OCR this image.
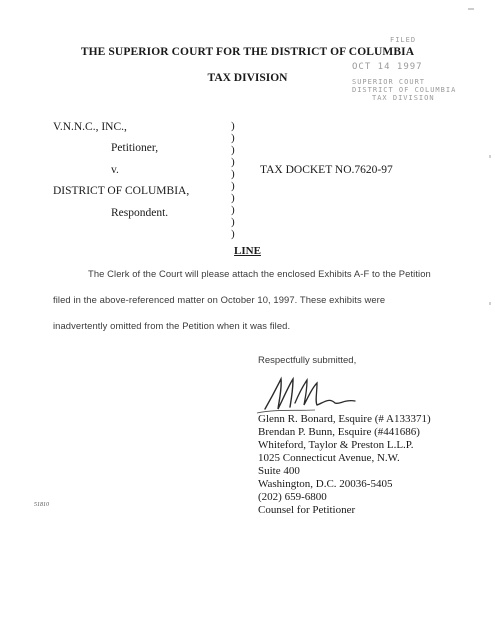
THE SUPERIOR COURT FOR THE DISTRICT OF COLUMBIA
TAX DIVISION
FILED
OCT 14 1997
SUPERIOR COURT
DISTRICT OF COLUMBIA
TAX DIVISION
V.N.N.C., INC.,
Petitioner,
v.
DISTRICT OF COLUMBIA,
Respondent.
TAX DOCKET NO.7620-97
)
)
)
)
)
)
)
)
)
)
LINE
The Clerk of the Court will please attach the enclosed Exhibits A-F to the Petition
filed in the above-referenced matter on October 10, 1997. These exhibits were
inadvertently omitted from the Petition when it was filed.
Respectfully submitted,
Glenn R. Bonard, Esquire (# A133371)
Brendan P. Bunn, Esquire (#441686)
Whiteford, Taylor & Preston L.L.P.
1025 Connecticut Avenue, N.W.
Suite 400
Washington, D.C. 20036-5405
(202) 659-6800
Counsel for Petitioner
51810
